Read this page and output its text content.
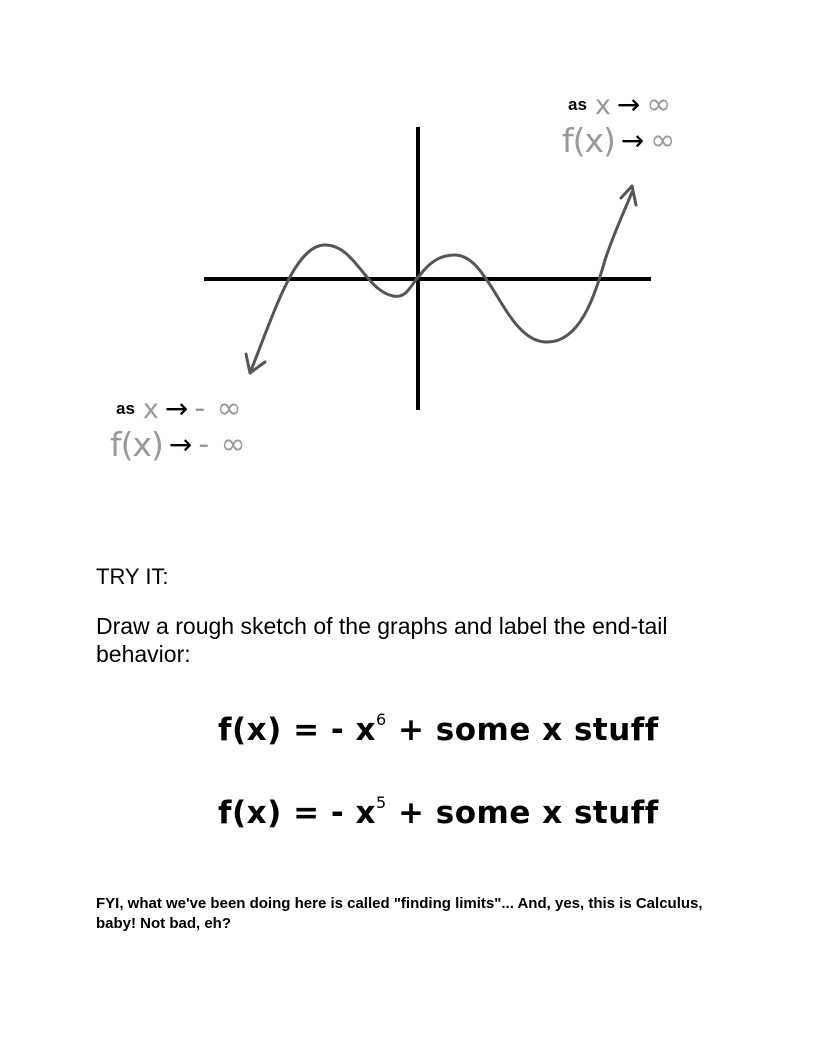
as x → ∞
f(x) → ∞
as x → - ∞
f(x) → - ∞
TRY IT:
Draw a rough sketch of the graphs and label the end-tail behavior:
f(x) = - $x^6$ + some x stuff
f(x) = - $x^5$ + some x stuff
FYI, what we've been doing here is called "finding limits"... And, yes, this is Calculus, baby! Not bad, eh?
